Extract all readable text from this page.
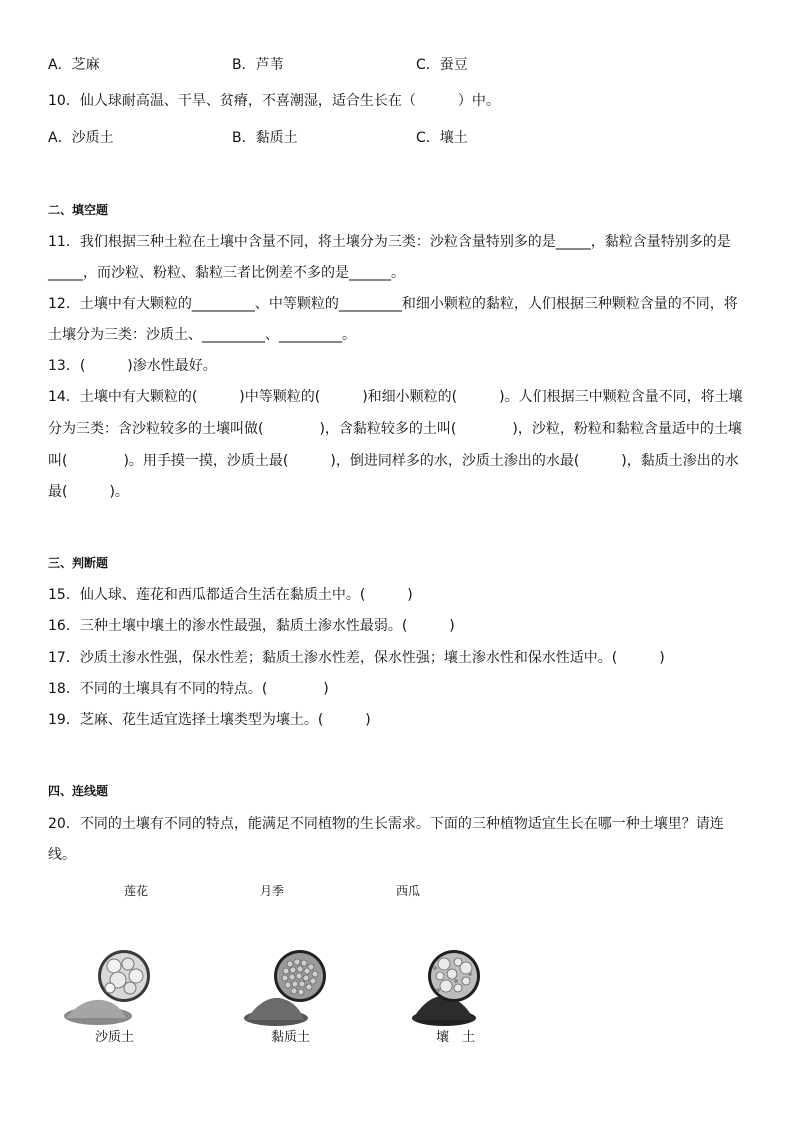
A．芝麻	B．芦苇	C．蚕豆
10．仙人球耐高温、干旱、贫瘠，不喜潮湿，适合生长在（　　　）中。
A．沙质土	B．黏质土	C．壤土
二、填空题
11．我们根据三种土粒在土壤中含量不同，将土壤分为三类：沙粒含量特别多的是_____，黏粒含量特别多的是
_____，而沙粒、粉粒、黏粒三者比例差不多的是______。
12．土壤中有大颗粒的_________、中等颗粒的_________和细小颗粒的黏粒，人们根据三种颗粒含量的不同，将
土壤分为三类：沙质土、_________、_________。
13．(　　　)渗水性最好。
14．土壤中有大颗粒的(　　　)中等颗粒的(　　　)和细小颗粒的(　　　)。人们根据三中颗粒含量不同，将土壤
分为三类：含沙粒较多的土壤叫做(　　　　)，含黏粒较多的土叫(　　　　)，沙粒，粉粒和黏粒含量适中的土壤
叫(　　　　)。用手摸一摸，沙质土最(　　　)，倒进同样多的水，沙质土渗出的水最(　　　)，黏质土渗出的水
最(　　　)。
三、判断题
15．仙人球、莲花和西瓜都适合生活在黏质土中。(　　　)
16．三种土壤中壤土的渗水性最强，黏质土渗水性最弱。(　　　)
17．沙质土渗水性强，保水性差；黏质土渗水性差，保水性强；壤土渗水性和保水性适中。(　　　)
18．不同的土壤具有不同的特点。(　　　　)
19．芝麻、花生适宜选择土壤类型为壤土。(　　　)
四、连线题
20．不同的土壤有不同的特点，能满足不同植物的生长需求。下面的三种植物适宜生长在哪一种土壤里？请连
线。
莲花	月季	西瓜
沙质土	黏质土	壤　土
